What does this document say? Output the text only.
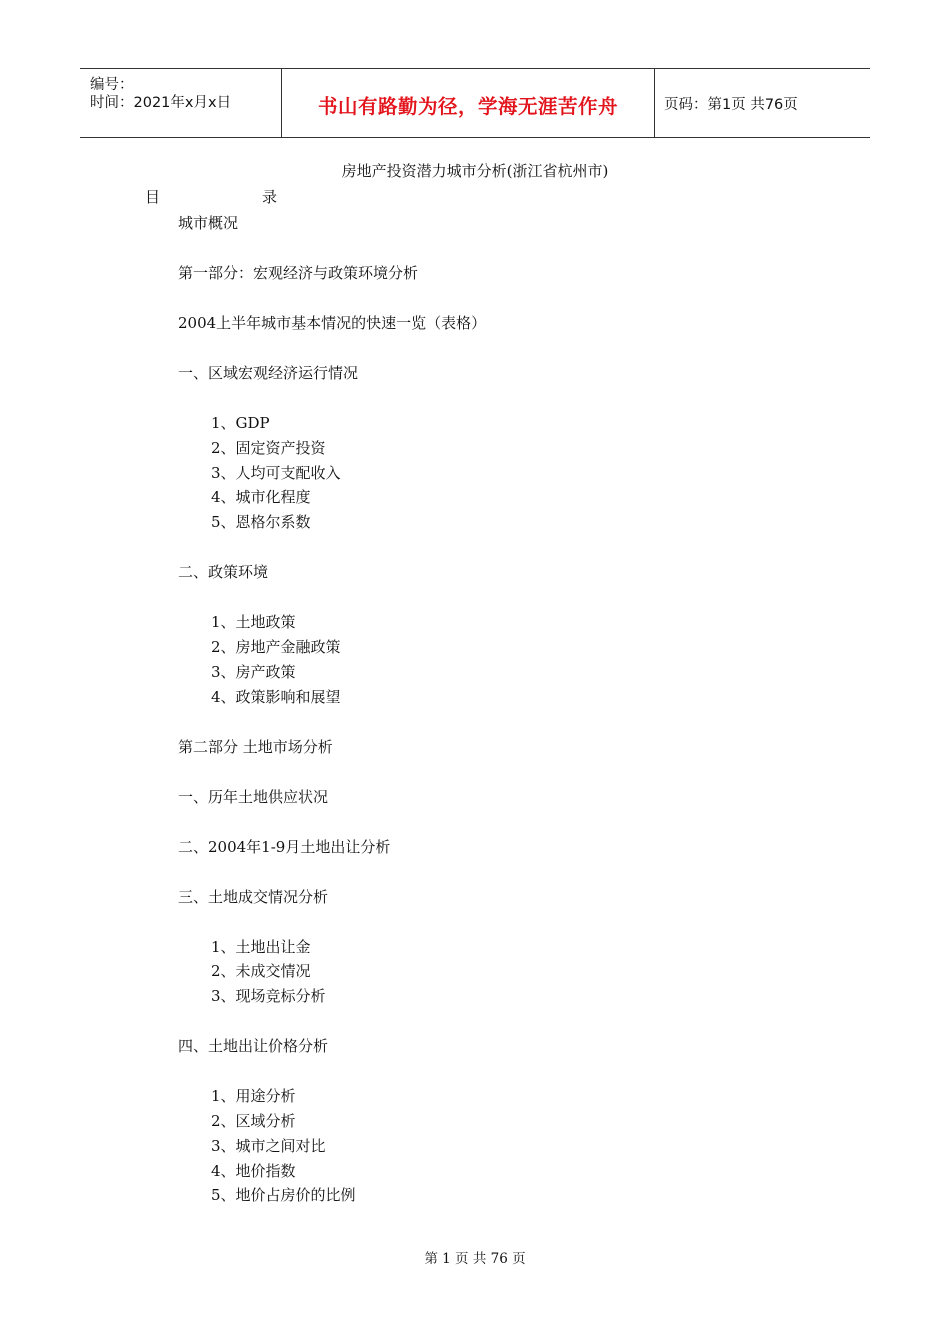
编号：
时间：2021年x月x日	书山有路勤为径，学海无涯苦作舟	页码：第1页 共76页
房地产投资潜力城市分析(浙江省杭州市)
目	录
城市概况
第一部分：宏观经济与政策环境分析
2004上半年城市基本情况的快速一览（表格）
一、区域宏观经济运行情况
1、GDP
2、固定资产投资
3、人均可支配收入
4、城市化程度
5、恩格尔系数
二、政策环境
1、土地政策
2、房地产金融政策
3、房产政策
4、政策影响和展望
第二部分 土地市场分析
一、历年土地供应状况
二、2004年1-9月土地出让分析
三、土地成交情况分析
1、土地出让金
2、未成交情况
3、现场竞标分析
四、土地出让价格分析
1、用途分析
2、区域分析
3、城市之间对比
4、地价指数
5、地价占房价的比例
第 1 页 共 76 页
